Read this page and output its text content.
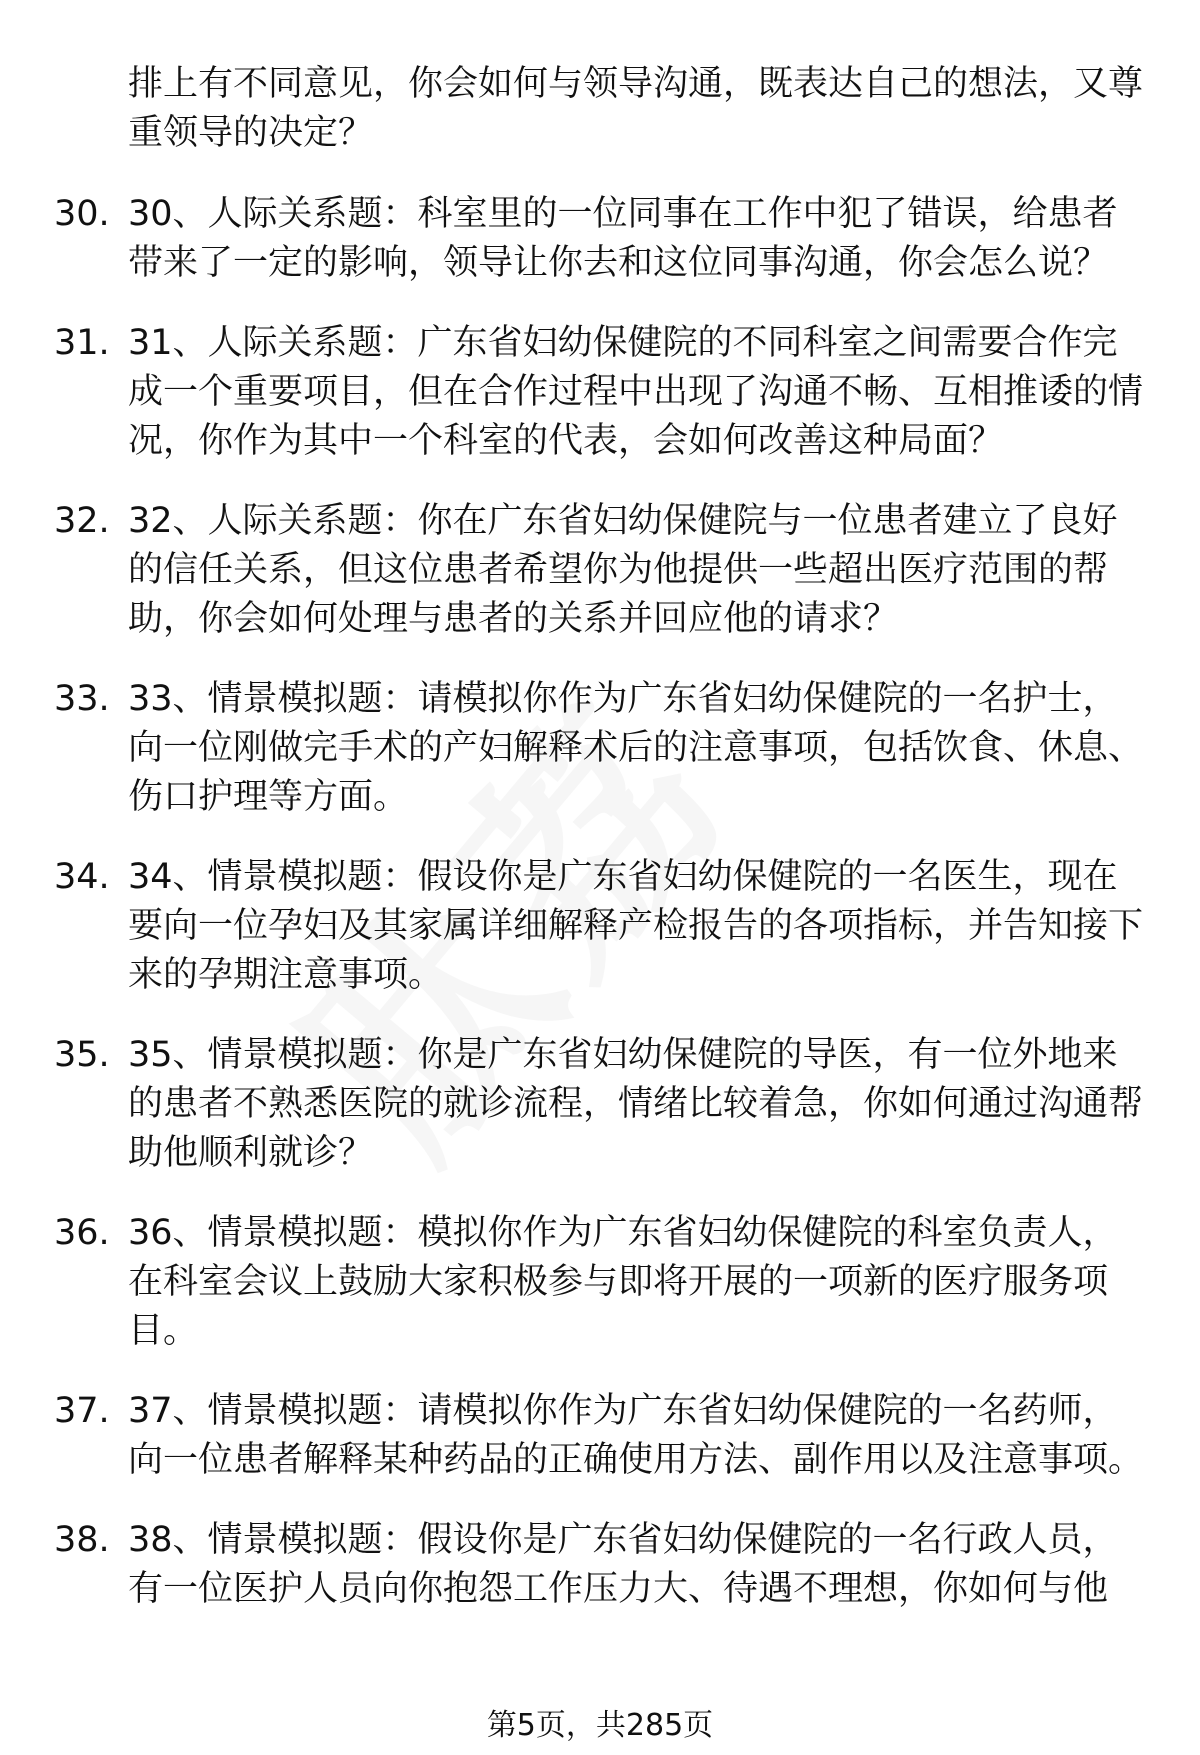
排上有不同意见，你会如何与领导沟通，既表达自己的想法，又尊重领导的决定？
30. 30、人际关系题：科室里的一位同事在工作中犯了错误，给患者带来了一定的影响，领导让你去和这位同事沟通，你会怎么说？
31. 31、人际关系题：广东省妇幼保健院的不同科室之间需要合作完成一个重要项目，但在合作过程中出现了沟通不畅、互相推诿的情况，你作为其中一个科室的代表，会如何改善这种局面？
32. 32、人际关系题：你在广东省妇幼保健院与一位患者建立了良好的信任关系，但这位患者希望你为他提供一些超出医疗范围的帮助，你会如何处理与患者的关系并回应他的请求？
33. 33、情景模拟题：请模拟你作为广东省妇幼保健院的一名护士，向一位刚做完手术的产妇解释术后的注意事项，包括饮食、休息、伤口护理等方面。
34. 34、情景模拟题：假设你是广东省妇幼保健院的一名医生，现在要向一位孕妇及其家属详细解释产检报告的各项指标，并告知接下来的孕期注意事项。
35. 35、情景模拟题：你是广东省妇幼保健院的导医，有一位外地来的患者不熟悉医院的就诊流程，情绪比较着急，你如何通过沟通帮助他顺利就诊？
36. 36、情景模拟题：模拟你作为广东省妇幼保健院的科室负责人，在科室会议上鼓励大家积极参与即将开展的一项新的医疗服务项目。
37. 37、情景模拟题：请模拟你作为广东省妇幼保健院的一名药师，向一位患者解释某种药品的正确使用方法、副作用以及注意事项。
38. 38、情景模拟题：假设你是广东省妇幼保健院的一名行政人员，有一位医护人员向你抱怨工作压力大、待遇不理想，你如何与他
第5页，共285页
